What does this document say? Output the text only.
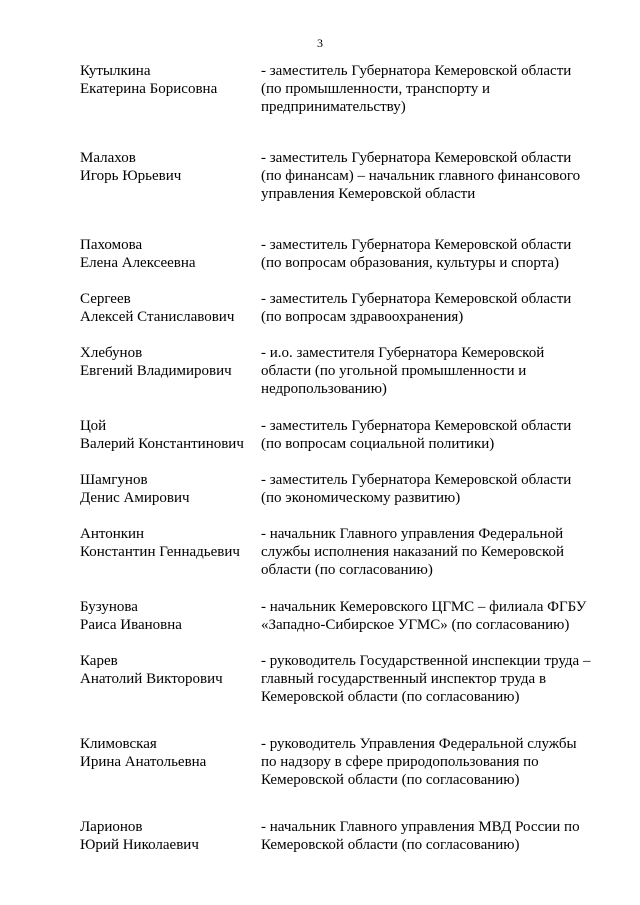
3
Кутылкина
Екатерина Борисовна
- заместитель Губернатора Кемеровской области
(по промышленности, транспорту и
предпринимательству)
Малахов
Игорь Юрьевич
- заместитель Губернатора Кемеровской области
(по финансам) – начальник главного финансового
управления Кемеровской области
Пахомова
Елена Алексеевна
- заместитель Губернатора Кемеровской области
(по вопросам образования, культуры и спорта)
Сергеев
Алексей Станиславович
- заместитель Губернатора Кемеровской области
(по вопросам здравоохранения)
Хлебунов
Евгений Владимирович
- и.о. заместителя Губернатора Кемеровской
области (по угольной промышленности и
недропользованию)
Цой
Валерий Константинович
- заместитель Губернатора Кемеровской области
(по вопросам социальной политики)
Шамгунов
Денис Амирович
- заместитель Губернатора Кемеровской области
(по экономическому развитию)
Антонкин
Константин Геннадьевич
- начальник Главного управления Федеральной
службы исполнения наказаний по Кемеровской
области (по согласованию)
Бузунова
Раиса Ивановна
- начальник Кемеровского ЦГМС – филиала ФГБУ
«Западно-Сибирское УГМС» (по согласованию)
Карев
Анатолий Викторович
- руководитель Государственной инспекции труда –
главный государственный инспектор труда в
Кемеровской области (по согласованию)
Климовская
Ирина Анатольевна
- руководитель Управления Федеральной службы
по надзору в сфере природопользования по
Кемеровской области (по согласованию)
Ларионов
Юрий Николаевич
- начальник Главного управления МВД России по
Кемеровской области (по согласованию)
